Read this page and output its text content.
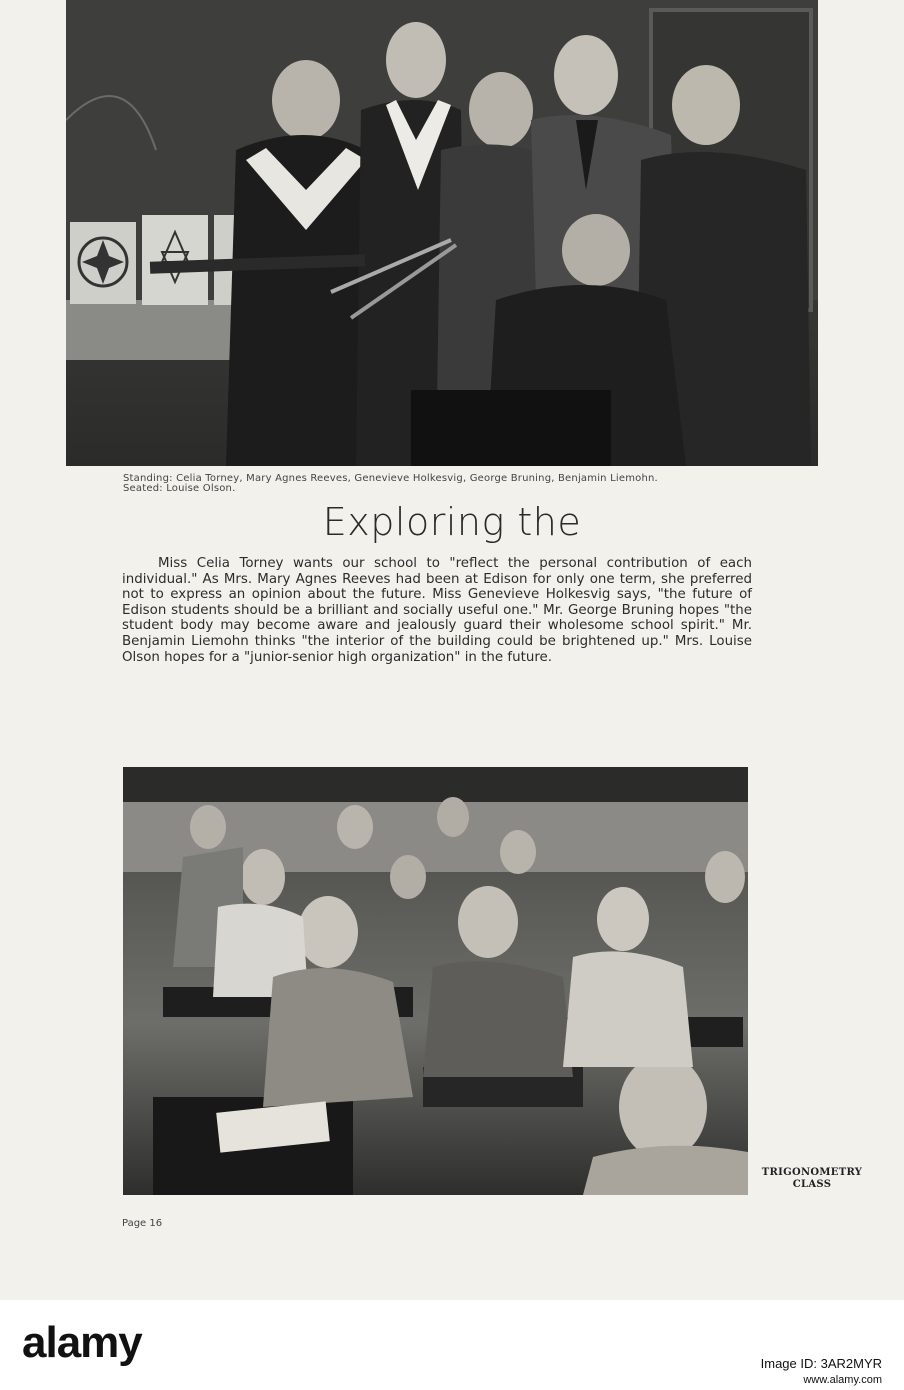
Standing: Celia Torney, Mary Agnes Reeves, Genevieve Holkesvig, George Bruning, Benjamin Liemohn.
Seated: Louise Olson.
Exploring the
Miss Celia Torney wants our school to "reflect the personal contribution of each individual." As Mrs. Mary Agnes Reeves had been at Edison for only one term, she preferred not to express an opinion about the future. Miss Genevieve Holkesvig says, "the future of Edison students should be a brilliant and socially useful one." Mr. George Bruning hopes "the student body may become aware and jealously guard their wholesome school spirit." Mr. Benjamin Liemohn thinks "the interior of the building could be brightened up." Mrs. Louise Olson hopes for a "junior-senior high organization" in the future.
TRIGONOMETRY
CLASS
Page 16
alamy	Image ID: 3AR2MYR
www.alamy.com
